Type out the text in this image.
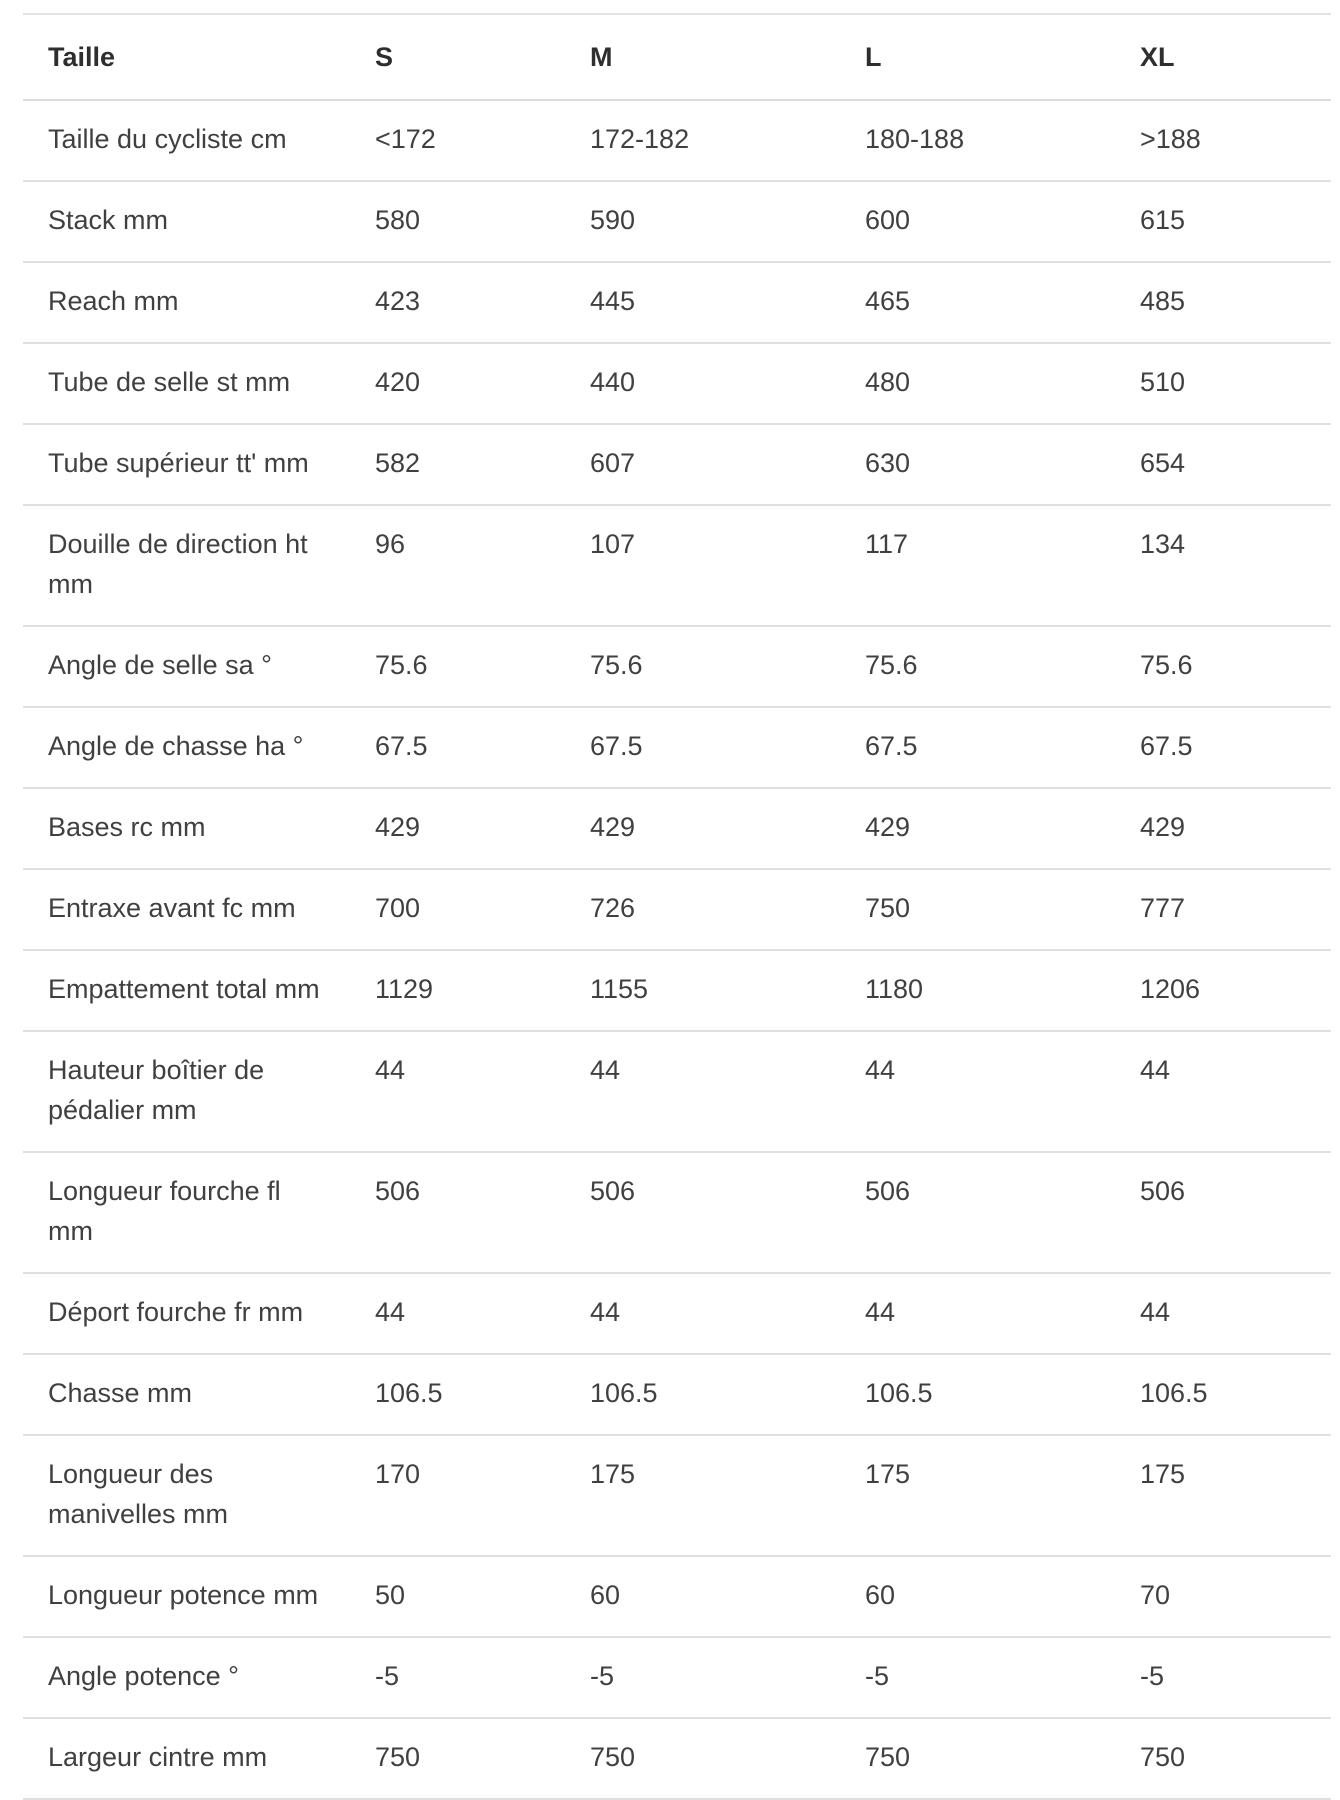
Taille	S	M	L	XL
Taille du cycliste cm	<172	172-182	180-188	>188
Stack mm	580	590	600	615
Reach mm	423	445	465	485
Tube de selle st mm	420	440	480	510
Tube supérieur tt' mm	582	607	630	654
Douille de direction ht mm	96	107	117	134
Angle de selle sa °	75.6	75.6	75.6	75.6
Angle de chasse ha °	67.5	67.5	67.5	67.5
Bases rc mm	429	429	429	429
Entraxe avant fc mm	700	726	750	777
Empattement total mm	1129	1155	1180	1206
Hauteur boîtier de pédalier mm	44	44	44	44
Longueur fourche fl mm	506	506	506	506
Déport fourche fr mm	44	44	44	44
Chasse mm	106.5	106.5	106.5	106.5
Longueur des manivelles mm	170	175	175	175
Longueur potence mm	50	60	60	70
Angle potence °	-5	-5	-5	-5
Largeur cintre mm	750	750	750	750
